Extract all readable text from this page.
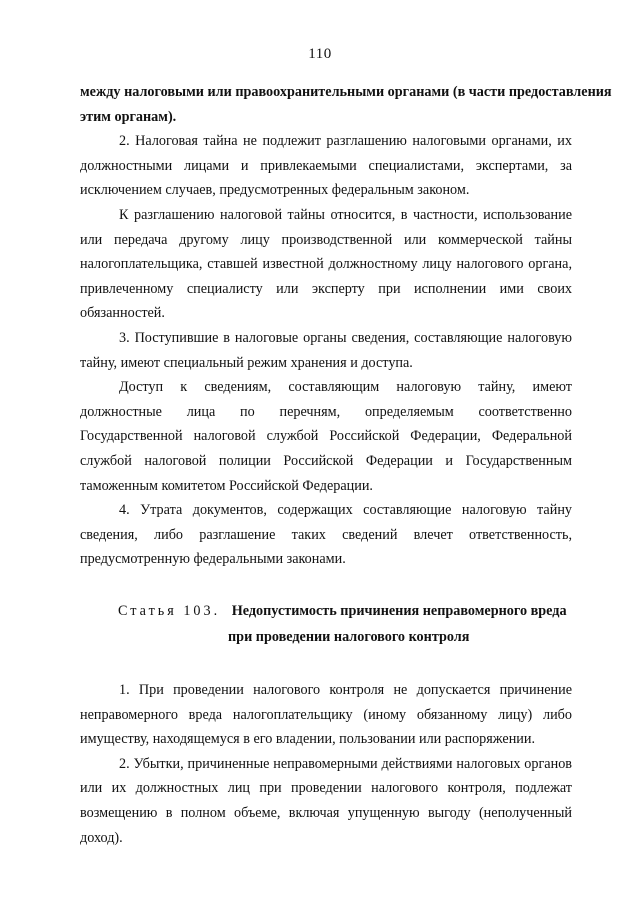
110

между налоговыми или правоохранительными органами (в части предоставления

этим органам).

2. Налоговая тайна не подлежит разглашению налоговыми органами, их должностными лицами и привлекаемыми специалистами, экспертами, за исключением случаев, предусмотренных федеральным законом.

К разглашению налоговой тайны относится, в частности, использование или передача другому лицу производственной или коммерческой тайны налогоплательщика, ставшей известной должностному лицу налогового органа, привлеченному специалисту или эксперту при исполнении ими своих обязанностей.

3. Поступившие в налоговые органы сведения, составляющие налоговую тайну, имеют специальный режим хранения и доступа.

Доступ к сведениям, составляющим налоговую тайну, имеют должностные лица по перечням, определяемым соответственно Государственной налоговой службой Российской Федерации, Федеральной службой налоговой полиции Российской Федерации и Государственным таможенным комитетом Российской Федерации.

4. Утрата документов, содержащих составляющие налоговую тайну сведения, либо разглашение таких сведений влечет ответственность, предусмотренную федеральными законами.

Статья 103. Недопустимость причинения неправомерного вреда
при проведении налогового контроля

1. При проведении налогового контроля не допускается причинение неправомерного вреда налогоплательщику (иному обязанному лицу) либо имуществу, находящемуся в его владении, пользовании или распоряжении.

2. Убытки, причиненные неправомерными действиями налоговых органов или их должностных лиц при проведении налогового контроля, подлежат возмещению в полном объеме, включая упущенную выгоду (неполученный доход).
